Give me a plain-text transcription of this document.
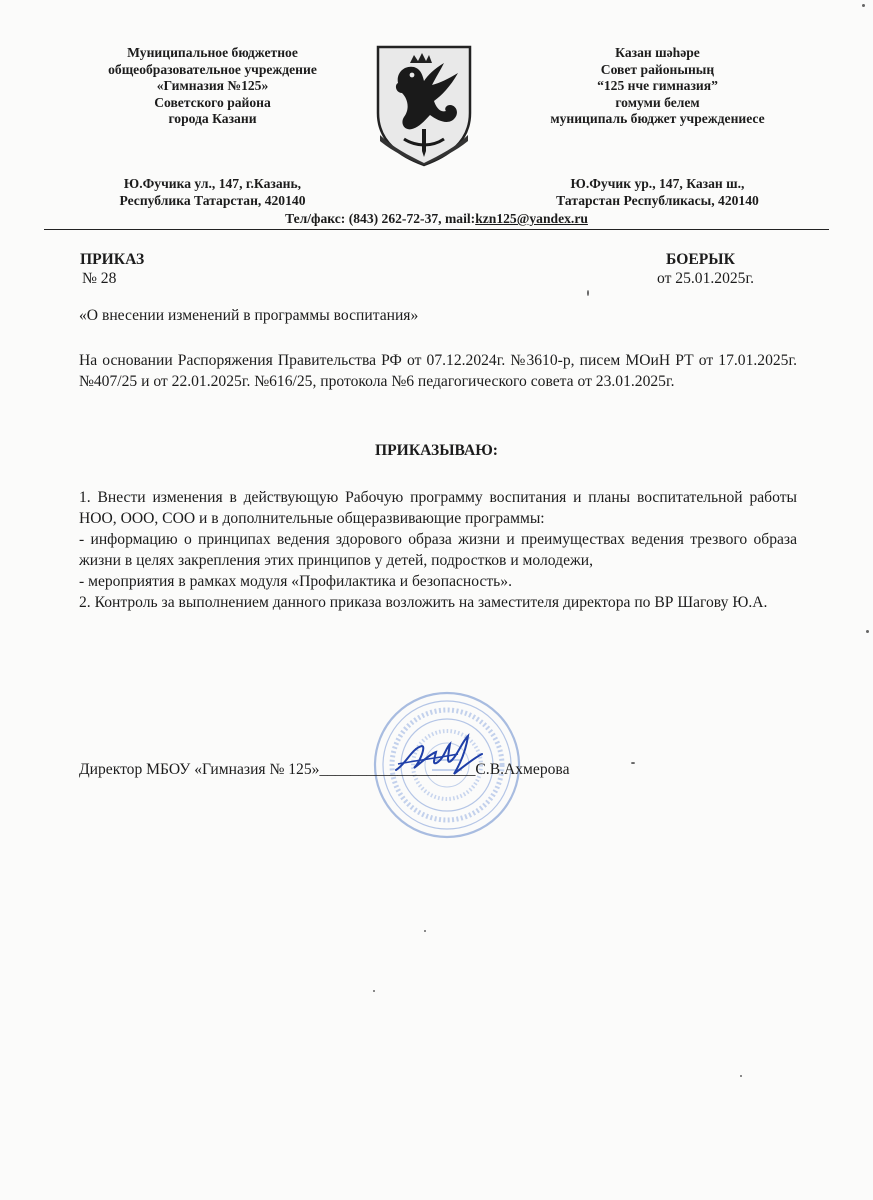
Муниципальное бюджетное
общеобразовательное учреждение
«Гимназия №125»
Советского района
города Казани
Казан шәһәре
Совет районының
“125 нче гимназия”
гомуми белем
муниципаль бюджет учреждениесе
Ю.Фучика ул., 147, г.Казань,
Республика Татарстан, 420140
Ю.Фучик ур., 147, Казан ш.,
Татарстан Республикасы, 420140
Тел/факс: (843) 262-72-37, mail:kzn125@yandex.ru
ПРИКАЗ	БОЕРЫК
№ 28	от 25.01.2025г.
«О внесении изменений в программы воспитания»
На основании Распоряжения Правительства РФ от 07.12.2024г. №3610-р, писем МОиН РТ от 17.01.2025г. №407/25 и от 22.01.2025г. №616/25, протокола №6 педагогического совета от 23.01.2025г.
ПРИКАЗЫВАЮ:
1. Внести изменения в действующую Рабочую программу воспитания и планы воспитательной работы НОО, ООО, СОО и в дополнительные общеразвивающие программы:
- информацию о принципах ведения здорового образа жизни и преимуществах ведения трезвого образа жизни в целях закрепления этих принципов у детей, подростков и молодежи,
- мероприятия в рамках модуля «Профилактика и безопасность».
2. Контроль за выполнением данного приказа возложить на заместителя директора по ВР Шагову Ю.А.
Директор МБОУ «Гимназия № 125»____________________С.В.Ахмерова
